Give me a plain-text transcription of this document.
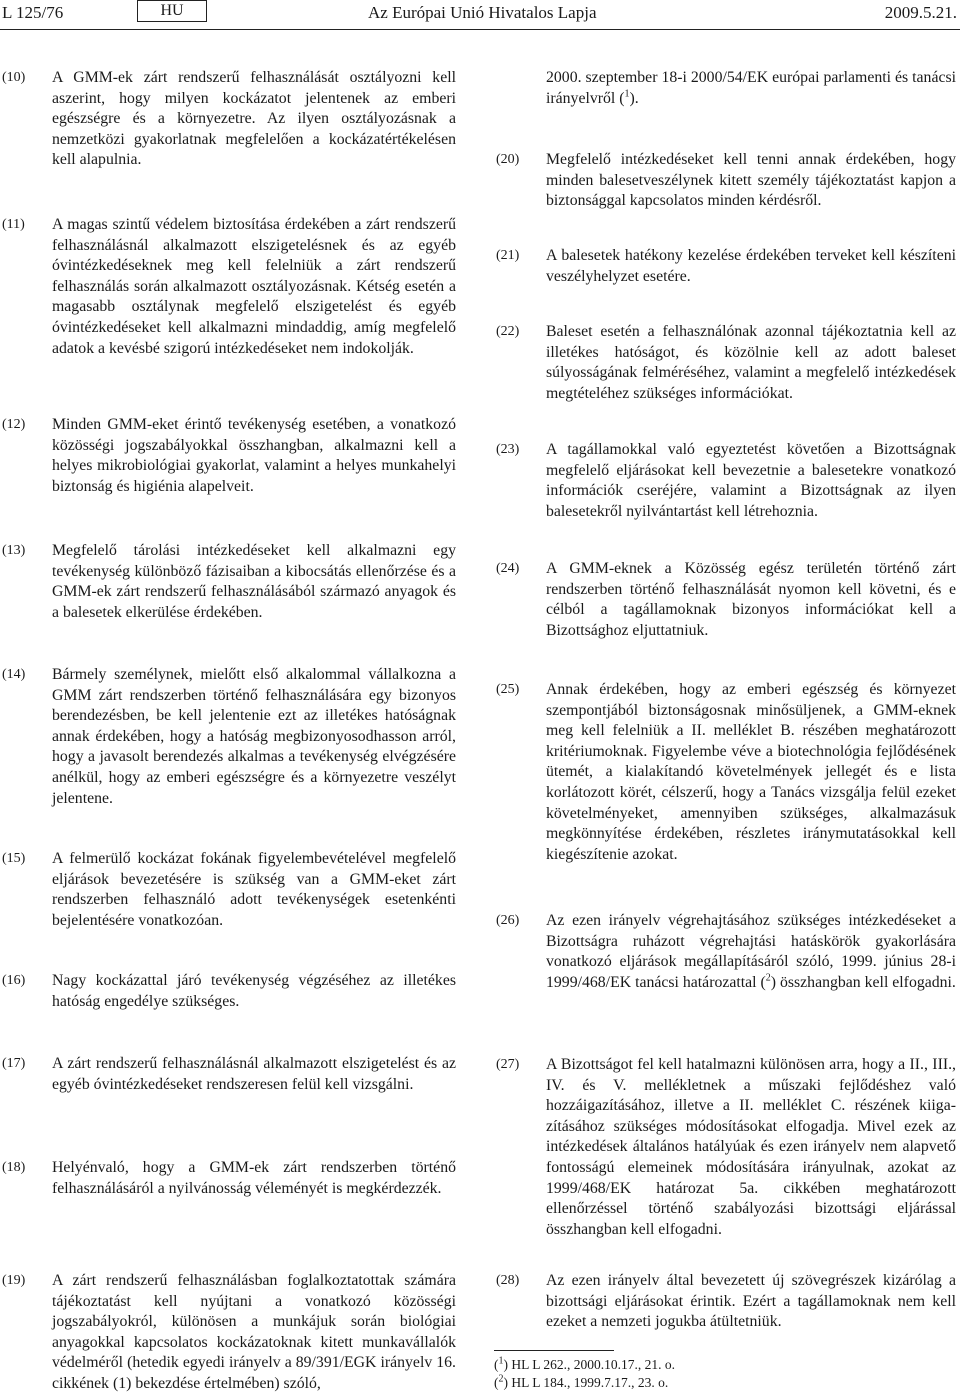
L 125/76	HU	Az Európai Unió Hivatalos Lapja	2009.5.21.
(10)	A GMM-ek zárt rendszerű felhasználását osztályozni kell aszerint, hogy milyen kockázatot jelentenek az emberi egészségre és a környezetre. Az ilyen osztályozásnak a nemzetközi gyakorlatnak megfelelően a kockázatértékelésen kell alapulnia.
(11)	A magas szintű védelem biztosítása érdekében a zárt rendszerű felhasználásnál alkalmazott elszigetelésnek és az egyéb óvintézkedéseknek meg kell felelniük a zárt rendszerű felhasználás során alkalmazott osztályozásnak. Kétség esetén a magasabb osztálynak megfelelő elszigetelést és egyéb óvintézkedéseket kell alkalmazni mindaddig, amíg megfelelő adatok a kevésbé szigorú intézkedéseket nem indokolják.
(12)	Minden GMM-eket érintő tevékenység esetében, a vonatkozó közösségi jogszabályokkal összhangban, alkalmazni kell a helyes mikrobiológiai gyakorlat, valamint a helyes munkahelyi biztonság és higiénia alapelveit.
(13)	Megfelelő tárolási intézkedéseket kell alkalmazni egy tevékenység különböző fázisaiban a kibocsátás ellenőrzése és a GMM-ek zárt rendszerű felhasználásából származó anyagok és a balesetek elkerülése érdekében.
(14)	Bármely személynek, mielőtt első alkalommal vállalkozna a GMM zárt rendszerben történő felhasználására egy bizonyos berendezésben, be kell jelentenie ezt az illetékes hatóságnak annak érdekében, hogy a hatóság megbizonyosodhasson arról, hogy a javasolt berendezés alkalmas a tevékenység elvégzésére anélkül, hogy az emberi egészségre és a környezetre veszélyt jelentene.
(15)	A felmerülő kockázat fokának figyelembevételével megfelelő eljárások bevezetésére is szükség van a GMM-eket zárt rendszerben felhasználó adott tevékenységek esetenkénti bejelentésére vonatkozóan.
(16)	Nagy kockázattal járó tevékenység végzéséhez az illetékes hatóság engedélye szükséges.
(17)	A zárt rendszerű felhasználásnál alkalmazott elszigetelést és az egyéb óvintézkedéseket rendszeresen felül kell vizsgálni.
(18)	Helyénvaló, hogy a GMM-ek zárt rendszerben történő felhasználásáról a nyilvánosság véleményét is megkérdezzék.
(19)	A zárt rendszerű felhasználásban foglalkoztatottak számára tájékoztatást kell nyújtani a vonatkozó közösségi jogszabályokról, különösen a munkájuk során biológiai anyagokkal kapcsolatos kockázatoknak kitett munkavállalók védelméről (hetedik egyedi irányelv a 89/391/EGK irányelv 16. cikkének (1) bekezdése értelmében) szóló,
2000. szeptember 18-i 2000/54/EK európai parlamenti és tanácsi irányelvről ($^1$).
(20)	Megfelelő intézkedéseket kell tenni annak érdekében, hogy minden balesetveszélynek kitett személy tájékoztatást kapjon a biztonsággal kapcsolatos minden kérdésről.
(21)	A balesetek hatékony kezelése érdekében terveket kell készíteni veszélyhelyzet esetére.
(22)	Baleset esetén a felhasználónak azonnal tájékoztatnia kell az illetékes hatóságot, és közölnie kell az adott baleset súlyosságának felméréséhez, valamint a megfelelő intézkedések megtételéhez szükséges információkat.
(23)	A tagállamokkal való egyeztetést követően a Bizottságnak megfelelő eljárásokat kell bevezetnie a balesetekre vonatkozó információk cseréjére, valamint a Bizottságnak az ilyen balesetekről nyilvántartást kell létrehoznia.
(24)	A GMM-eknek a Közösség egész területén történő zárt rendszerben történő felhasználását nyomon kell követni, és e célból a tagállamoknak bizonyos információkat kell a Bizottsághoz eljuttatniuk.
(25)	Annak érdekében, hogy az emberi egészség és környezet szempontjából biztonságosnak minősüljenek, a GMM-eknek meg kell felelniük a II. melléklet B. részében meghatározott kritériumoknak. Figyelembe véve a biotechnológia fejlődésének ütemét, a kialakítandó követelmények jellegét és e lista korlátozott körét, célszerű, hogy a Tanács vizsgálja felül ezeket követelményeket, amennyiben szükséges, alkalmazásuk megkönnyítése érdekében, részletes iránymutatásokkal kell kiegészítenie azokat.
(26)	Az ezen irányelv végrehajtásához szükséges intézkedéseket a Bizottságra ruházott végrehajtási hatáskörök gyakorlására vonatkozó eljárások megállapításáról szóló, 1999. június 28-i 1999/468/EK tanácsi határozattal ($^2$) összhangban kell elfogadni.
(27)	A Bizottságot fel kell hatalmazni különösen arra, hogy a II., III., IV. és V. mellékletnek a műszaki fejlődéshez való hozzáigazításához, illetve a II. melléklet C. részének kiigazításához szükséges módosításokat elfogadja. Mivel ezek az intézkedések általános hatályúak és ezen irányelv nem alapvető fontosságú elemeinek módosítására irányulnak, azokat az 1999/468/EK határozat 5a. cikkében meghatározott ellenőrzéssel történő szabályozási bizottsági eljárással összhangban kell elfogadni.
(28)	Az ezen irányelv által bevezetett új szövegrészek kizárólag a bizottsági eljárásokat érintik. Ezért a tagállamoknak nem kell ezeket a nemzeti jogukba átültetniük.
($^1$) HL L 262., 2000.10.17., 21. o.
($^2$) HL L 184., 1999.7.17., 23. o.
